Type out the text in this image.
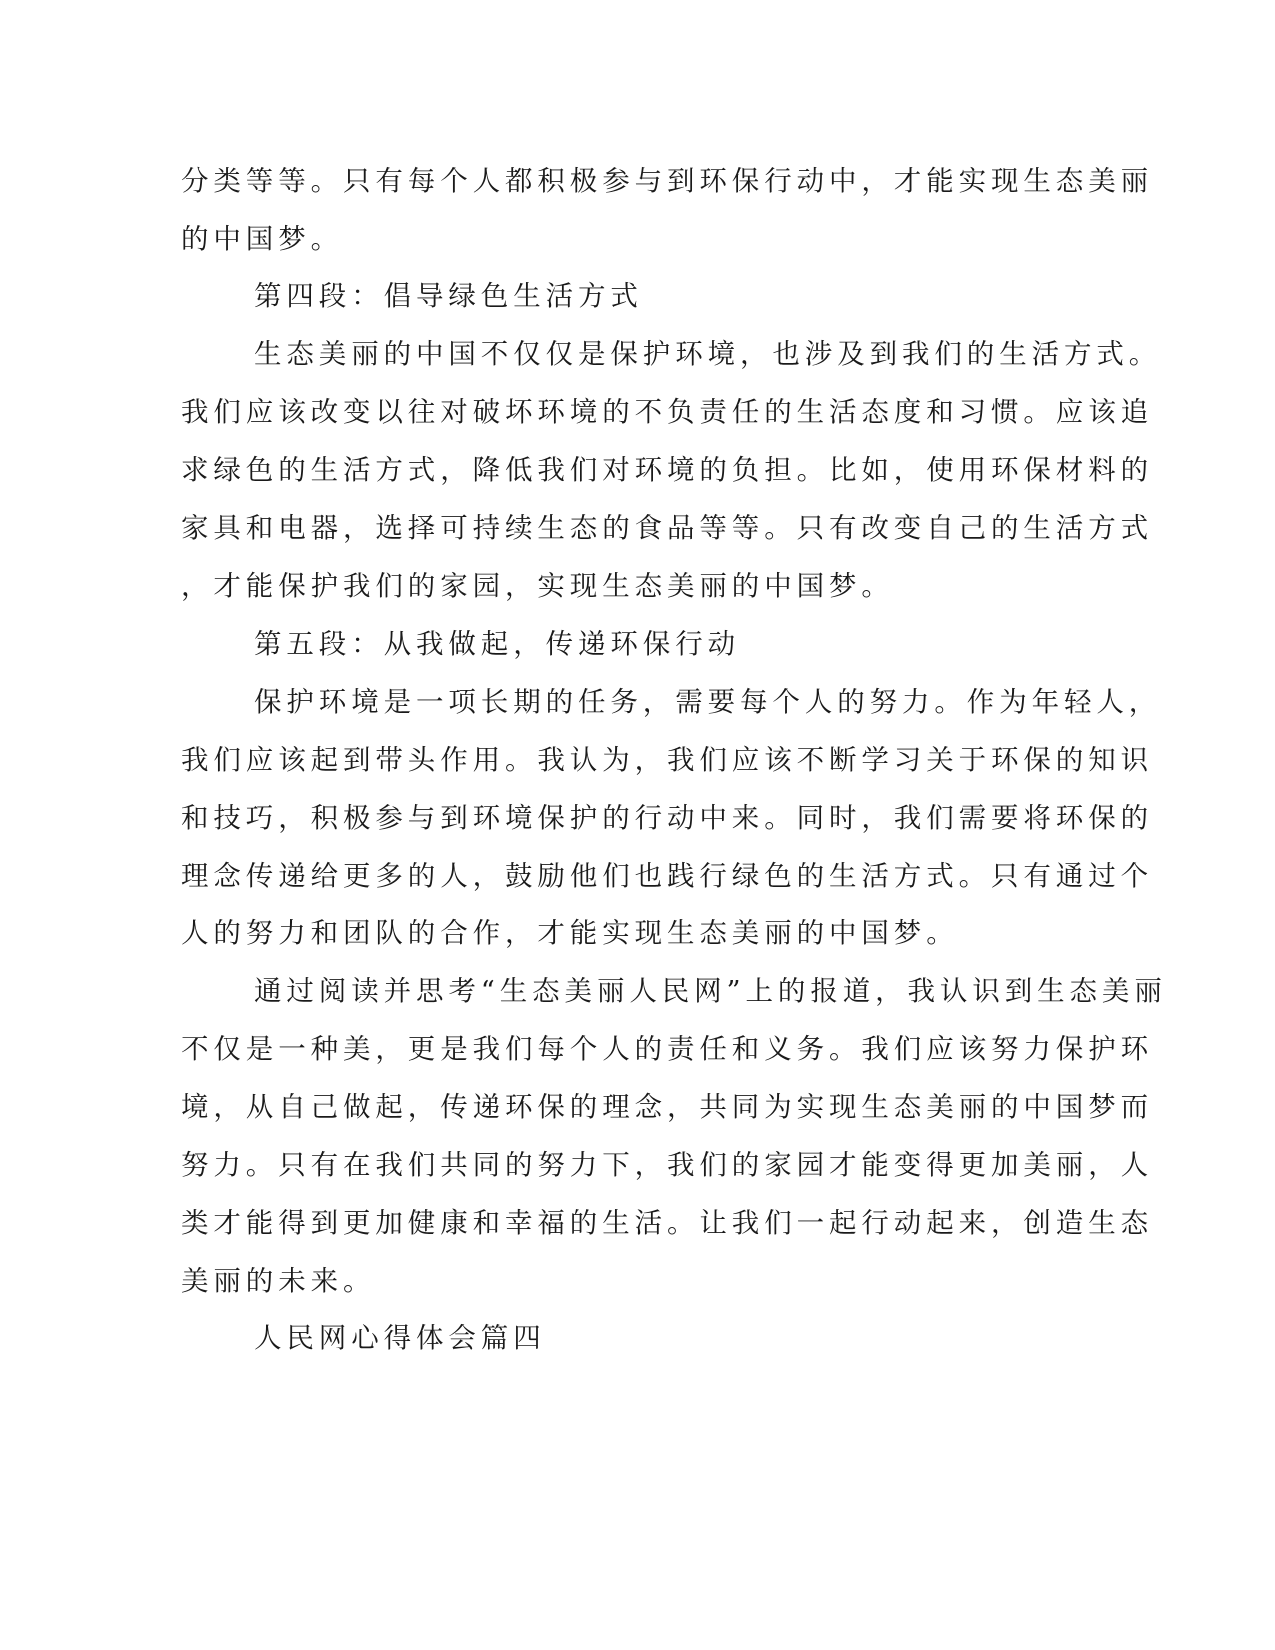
分类等等。只有每个人都积极参与到环保行动中，才能实现生态美丽
的中国梦。
第四段：倡导绿色生活方式
生态美丽的中国不仅仅是保护环境，也涉及到我们的生活方式。
我们应该改变以往对破坏环境的不负责任的生活态度和习惯。应该追
求绿色的生活方式，降低我们对环境的负担。比如，使用环保材料的
家具和电器，选择可持续生态的食品等等。只有改变自己的生活方式
，才能保护我们的家园，实现生态美丽的中国梦。
第五段：从我做起，传递环保行动
保护环境是一项长期的任务，需要每个人的努力。作为年轻人，
我们应该起到带头作用。我认为，我们应该不断学习关于环保的知识
和技巧，积极参与到环境保护的行动中来。同时，我们需要将环保的
理念传递给更多的人，鼓励他们也践行绿色的生活方式。只有通过个
人的努力和团队的合作，才能实现生态美丽的中国梦。
通过阅读并思考“生态美丽人民网”上的报道，我认识到生态美丽
不仅是一种美，更是我们每个人的责任和义务。我们应该努力保护环
境，从自己做起，传递环保的理念，共同为实现生态美丽的中国梦而
努力。只有在我们共同的努力下，我们的家园才能变得更加美丽，人
类才能得到更加健康和幸福的生活。让我们一起行动起来，创造生态
美丽的未来。
人民网心得体会篇四
